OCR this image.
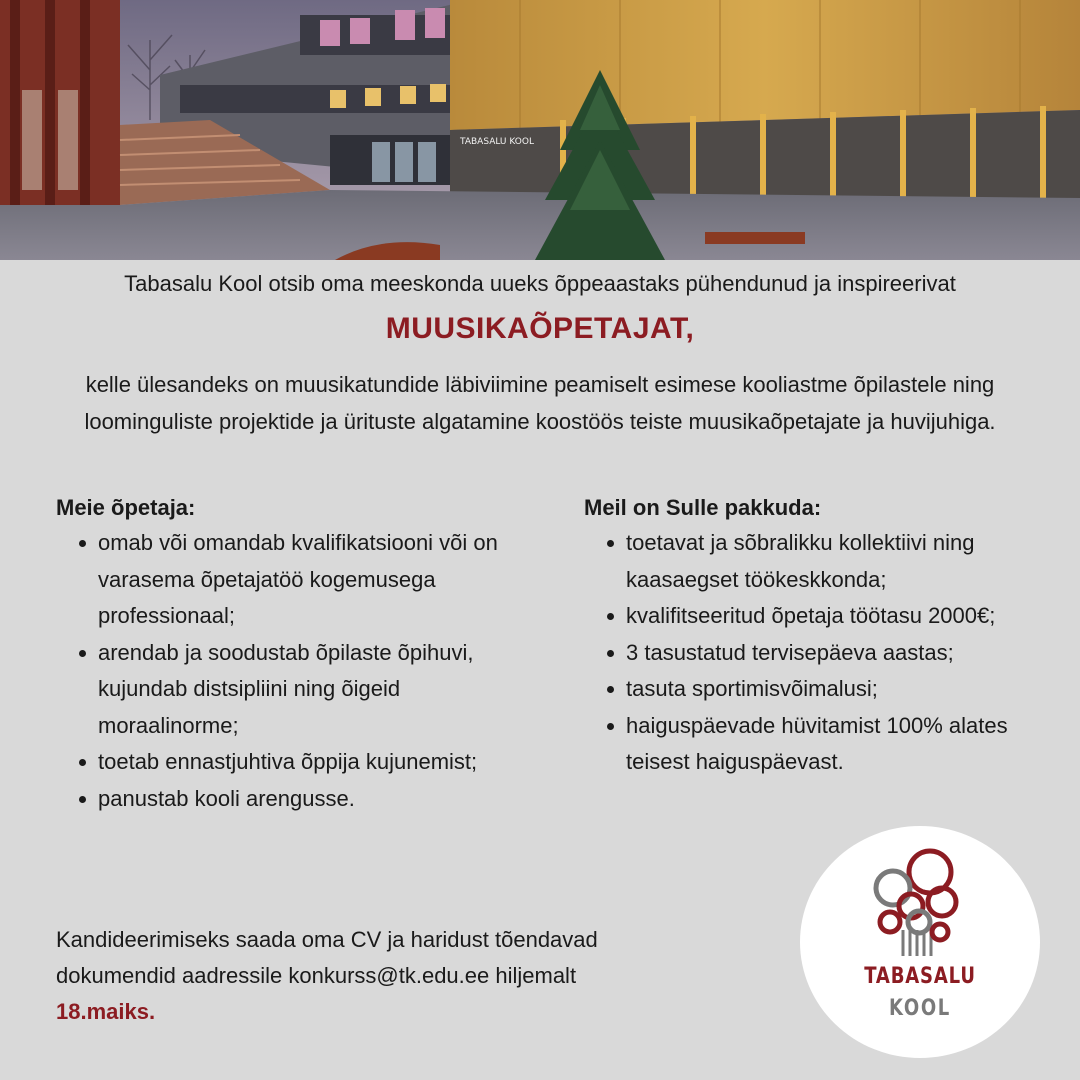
TABASALU KOOL
Tabasalu Kool otsib oma meeskonda uueks õppeaastaks pühendunud ja inspireerivat
MUUSIKAÕPETAJAT,
kelle ülesandeks on muusikatundide läbiviimine peamiselt esimese kooliastme õpilastele ning loominguliste projektide ja ürituste algatamine koostöös teiste muusikaõpetajate ja huvijuhiga.
Meie õpetaja:
omab või omandab kvalifikatsiooni või on varasema õpetajatöö kogemusega professionaal;
arendab ja soodustab õpilaste õpihuvi, kujundab distsipliini ning õigeid moraalinorme;
toetab ennastjuhtiva õppija kujunemist;
panustab kooli arengusse.
Meil on Sulle pakkuda:
toetavat ja sõbralikku kollektiivi ning kaasaegset töökeskkonda;
kvalifitseeritud õpetaja töötasu 2000€;
3 tasustatud tervisepäeva aastas;
tasuta sportimisvõimalusi;
haiguspäevade hüvitamist 100% alates teisest haiguspäevast.
Kandideerimiseks saada oma CV ja haridust tõendavad dokumendid aadressile konkurss@tk.edu.ee hiljemalt 18.maiks.
TABASALU
KOOL
